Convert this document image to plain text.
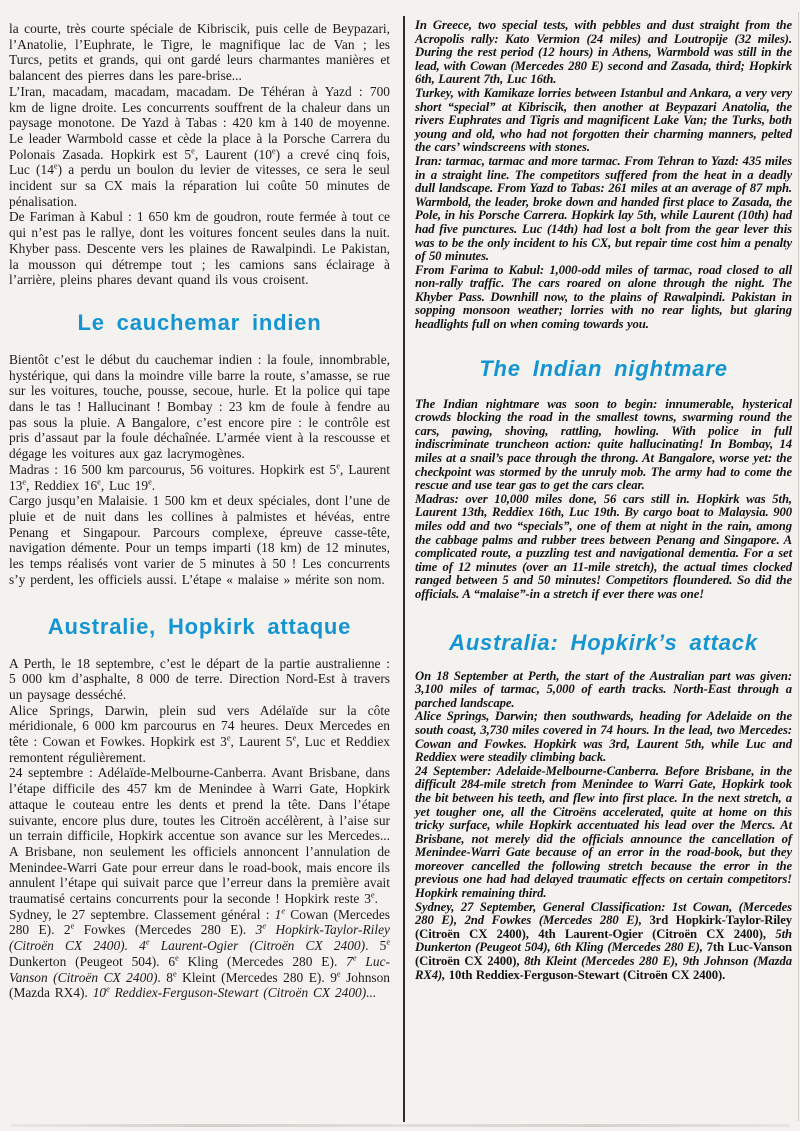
la courte, très courte spéciale de Kibriscik, puis celle de Beypazari, l’Anatolie, l’Euphrate, le Tigre, le magnifique lac de Van ; les Turcs, petits et grands, qui ont gardé leurs charmantes manières et balancent des pierres dans les pare-brise...

L’Iran, macadam, macadam, macadam. De Téhéran à Yazd : 700 km de ligne droite. Les concurrents souffrent de la chaleur dans un paysage monotone. De Yazd à Tabas : 420 km à 140 de moyenne. Le leader Warmbold casse et cède la place à la Porsche Carrera du Polonais Zasada. Hopkirk est 5e, Laurent (10e) a crevé cinq fois, Luc (14e) a perdu un boulon du levier de vitesses, ce sera le seul incident sur sa CX mais la réparation lui coûte 50 minutes de pénalisation.

De Fariman à Kabul : 1 650 km de goudron, route fermée à tout ce qui n’est pas le rallye, dont les voitures foncent seules dans la nuit. Khyber pass. Descente vers les plaines de Rawalpindi. Le Pakistan, la mousson qui détrempe tout ; les camions sans éclairage à l’arrière, pleins phares devant quand ils vous croisent.

Le cauchemar indien

Bientôt c’est le début du cauchemar indien : la foule, innombrable, hystérique, qui dans la moindre ville barre la route, s’amasse, se rue sur les voitures, touche, pousse, secoue, hurle. Et la police qui tape dans le tas ! Hallucinant ! Bombay : 23 km de foule à fendre au pas sous la pluie. A Bangalore, c’est encore pire : le contrôle est pris d’assaut par la foule déchaînée. L’armée vient à la rescousse et dégage les voitures aux gaz lacrymogènes.

Madras : 16 500 km parcourus, 56 voitures. Hopkirk est 5e, Laurent 13e, Reddiex 16e, Luc 19e.

Cargo jusqu’en Malaisie. 1 500 km et deux spéciales, dont l’une de pluie et de nuit dans les collines à palmistes et hévéas, entre Penang et Singapour. Parcours complexe, épreuve casse-tête, navigation démente. Pour un temps imparti (18 km) de 12 minutes, les temps réalisés vont varier de 5 minutes à 50 ! Les concurrents s’y perdent, les officiels aussi. L’étape « malaise » mérite son nom.

Australie, Hopkirk attaque

A Perth, le 18 septembre, c’est le départ de la partie australienne : 5 000 km d’asphalte, 8 000 de terre. Direction Nord-Est à travers un paysage desséché.

Alice Springs, Darwin, plein sud vers Adélaïde sur la côte méridionale, 6 000 km parcourus en 74 heures. Deux Mercedes en tête : Cowan et Fowkes. Hopkirk est 3e, Laurent 5e, Luc et Reddiex remontent régulièrement.

24 septembre : Adélaïde-Melbourne-Canberra. Avant Brisbane, dans l’étape difficile des 457 km de Menindee à Warri Gate, Hopkirk attaque le couteau entre les dents et prend la tête. Dans l’étape suivante, encore plus dure, toutes les Citroën accélèrent, à l’aise sur un terrain difficile, Hopkirk accentue son avance sur les Mercedes... A Brisbane, non seulement les officiels annoncent l’annulation de Menindee-Warri Gate pour erreur dans le road-book, mais encore ils annulent l’étape qui suivait parce que l’erreur dans la première avait traumatisé certains concurrents pour la seconde ! Hopkirk reste 3e.

Sydney, le 27 septembre. Classement général : 1e Cowan (Mercedes 280 E). 2e Fowkes (Mercedes 280 E). 3e Hopkirk-Taylor-Riley (Citroën CX 2400). 4e Laurent-Ogier (Citroën CX 2400). 5e Dunkerton (Peugeot 504). 6e Kling (Mercedes 280 E). 7e Luc-Vanson (Citroën CX 2400). 8e Kleint (Mercedes 280 E). 9e Johnson (Mazda RX4). 10e Reddiex-Ferguson-Stewart (Citroën CX 2400)...

In Greece, two special tests, with pebbles and dust straight from the Acropolis rally: Kato Vermion (24 miles) and Loutropije (32 miles). During the rest period (12 hours) in Athens, Warmbold was still in the lead, with Cowan (Mercedes 280 E) second and Zasada, third; Hopkirk 6th, Laurent 7th, Luc 16th.

Turkey, with Kamikaze lorries between Istanbul and Ankara, a very very short “special” at Kibriscik, then another at Beypazari Anatolia, the rivers Euphrates and Tigris and magnificent Lake Van; the Turks, both young and old, who had not forgotten their charming manners, pelted the cars’ windscreens with stones.

Iran: tarmac, tarmac and more tarmac. From Tehran to Yazd: 435 miles in a straight line. The competitors suffered from the heat in a deadly dull landscape. From Yazd to Tabas: 261 miles at an average of 87 mph. Warmbold, the leader, broke down and handed first place to Zasada, the Pole, in his Porsche Carrera. Hopkirk lay 5th, while Laurent (10th) had had five punctures. Luc (14th) had lost a bolt from the gear lever this was to be the only incident to his CX, but repair time cost him a penalty of 50 minutes.

From Farima to Kabul: 1,000-odd miles of tarmac, road closed to all non-rally traffic. The cars roared on alone through the night. The Khyber Pass. Downhill now, to the plains of Rawalpindi. Pakistan in sopping monsoon weather; lorries with no rear lights, but glaring headlights full on when coming towards you.

The Indian nightmare

The Indian nightmare was soon to begin: innumerable, hysterical crowds blocking the road in the smallest towns, swarming round the cars, pawing, shoving, rattling, howling. With police in full indiscriminate truncheon action: quite hallucinating! In Bombay, 14 miles at a snail’s pace through the throng. At Bangalore, worse yet: the checkpoint was stormed by the unruly mob. The army had to come the rescue and use tear gas to get the cars clear.

Madras: over 10,000 miles done, 56 cars still in. Hopkirk was 5th, Laurent 13th, Reddiex 16th, Luc 19th. By cargo boat to Malaysia. 900 miles odd and two “specials”, one of them at night in the rain, among the cabbage palms and rubber trees between Penang and Singapore. A complicated route, a puzzling test and navigational dementia. For a set time of 12 minutes (over an 11-mile stretch), the actual times clocked ranged between 5 and 50 minutes! Competitors floundered. So did the officials. A “malaise”-in a stretch if ever there was one!

Australia: Hopkirk’s attack

On 18 September at Perth, the start of the Australian part was given: 3,100 miles of tarmac, 5,000 of earth tracks. North-East through a parched landscape.

Alice Springs, Darwin; then southwards, heading for Adelaide on the south coast, 3,730 miles covered in 74 hours. In the lead, two Mercedes: Cowan and Fowkes. Hopkirk was 3rd, Laurent 5th, while Luc and Reddiex were steadily climbing back.

24 September: Adelaide-Melbourne-Canberra. Before Brisbane, in the difficult 284-mile stretch from Menindee to Warri Gate, Hopkirk took the bit between his teeth, and flew into first place. In the next stretch, a yet tougher one, all the Citroëns accelerated, quite at home on this tricky surface, while Hopkirk accentuated his lead over the Mercs. At Brisbane, not merely did the officials announce the cancellation of Menindee-Warri Gate because of an error in the road-book, but they moreover cancelled the following stretch because the error in the previous one had had delayed traumatic effects on certain competitors! Hopkirk remaining third.

Sydney, 27 September, General Classification: 1st Cowan, (Mercedes 280 E), 2nd Fowkes (Mercedes 280 E), 3rd Hopkirk-Taylor-Riley (Citroën CX 2400), 4th Laurent-Ogier (Citroën CX 2400), 5th Dunkerton (Peugeot 504), 6th Kling (Mercedes 280 E), 7th Luc-Vanson (Citroën CX 2400), 8th Kleint (Mercedes 280 E), 9th Johnson (Mazda RX4), 10th Reddiex-Ferguson-Stewart (Citroën CX 2400).
